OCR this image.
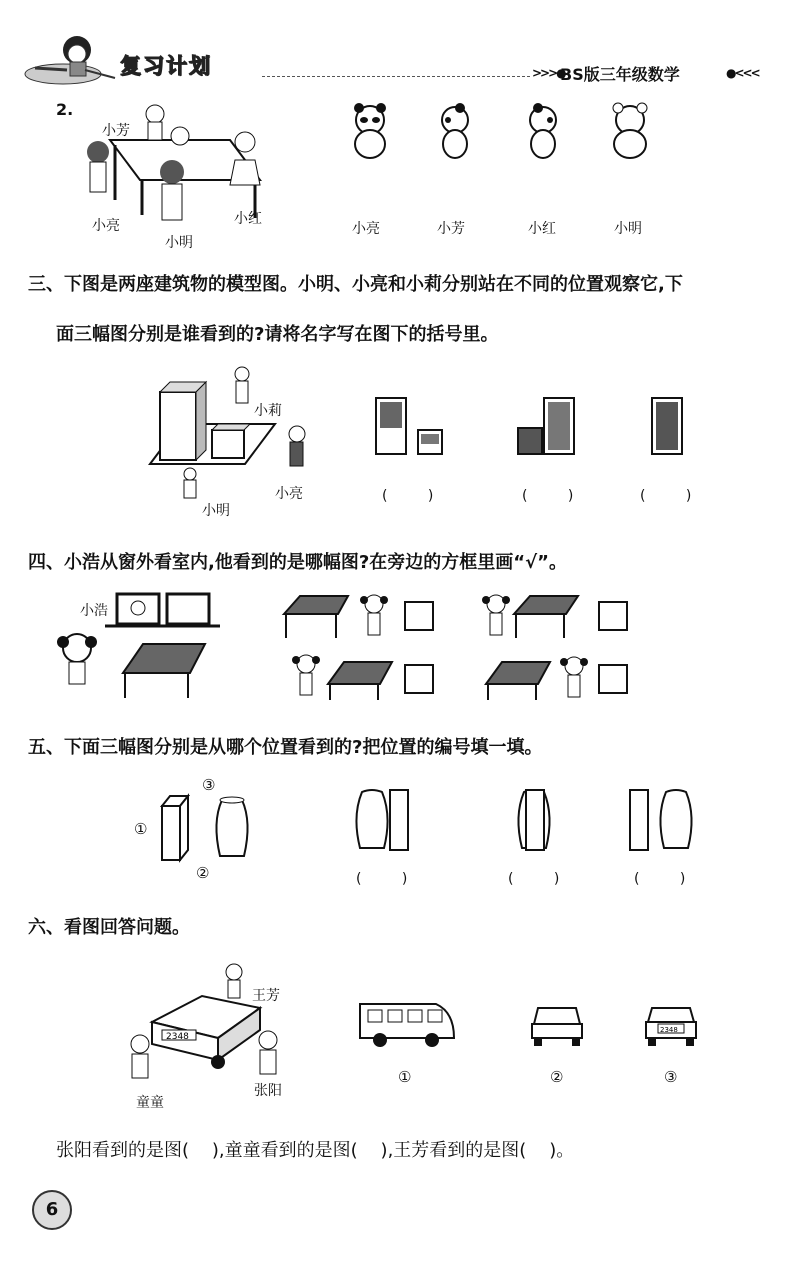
复习计划	>>>●
BS版三年级数学	●<<<
2.
小芳
小亮
小明
小红
小亮	小芳	小红	小明
三、下图是两座建筑物的模型图。小明、小亮和小莉分别站在不同的位置观察它,下
面三幅图分别是谁看到的?请将名字写在图下的括号里。
小莉
小亮
小明
( )	( )	( )
四、小浩从窗外看室内,他看到的是哪幅图?在旁边的方框里画“√”。
小浩
五、下面三幅图分别是从哪个位置看到的?把位置的编号填一填。
①
③
②	( )	( )	( )
六、看图回答问题。
2348
王芳
童童
张阳
2348
①	②	③
张阳看到的是图(    ),童童看到的是图(    ),王芳看到的是图(    )。
6
